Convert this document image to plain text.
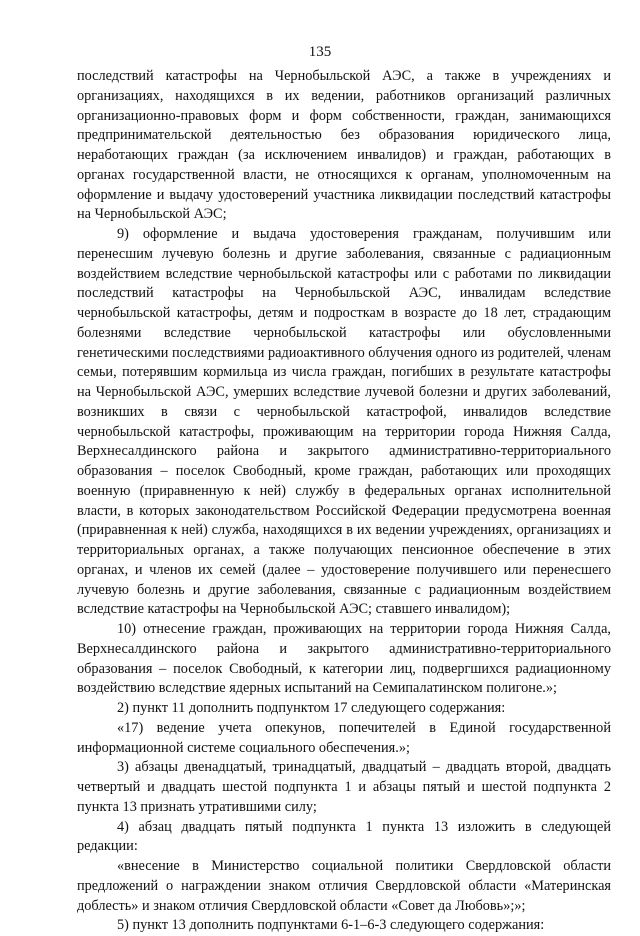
135

последствий катастрофы на Чернобыльской АЭС, а также в учреждениях и организациях, находящихся в их ведении, работников организаций различных организационно-правовых форм и форм собственности, граждан, занимающихся предпринимательской деятельностью без образования юридического лица, неработающих граждан (за исключением инвалидов) и граждан, работающих в органах государственной власти, не относящихся к органам, уполномоченным на оформление и выдачу удостоверений участника ликвидации последствий катастрофы на Чернобыльской АЭС;

9) оформление и выдача удостоверения гражданам, получившим или перенесшим лучевую болезнь и другие заболевания, связанные с радиационным воздействием вследствие чернобыльской катастрофы или с работами по ликвидации последствий катастрофы на Чернобыльской АЭС, инвалидам вследствие чернобыльской катастрофы, детям и подросткам в возрасте до 18 лет, страдающим болезнями вследствие чернобыльской катастрофы или обусловленными генетическими последствиями радиоактивного облучения одного из родителей, членам семьи, потерявшим кормильца из числа граждан, погибших в результате катастрофы на Чернобыльской АЭС, умерших вследствие лучевой болезни и других заболеваний, возникших в связи с чернобыльской катастрофой, инвалидов вследствие чернобыльской катастрофы, проживающим на территории города Нижняя Салда, Верхнесалдинского района и закрытого административно-территориального образования – поселок Свободный, кроме граждан, работающих или проходящих военную (приравненную к ней) службу в федеральных органах исполнительной власти, в которых законодательством Российской Федерации предусмотрена военная (приравненная к ней) служба, находящихся в их ведении учреждениях, организациях и территориальных органах, а также получающих пенсионное обеспечение в этих органах, и членов их семей (далее – удостоверение получившего или перенесшего лучевую болезнь и другие заболевания, связанные с радиационным воздействием вследствие катастрофы на Чернобыльской АЭС; ставшего инвалидом);

10) отнесение граждан, проживающих на территории города Нижняя Салда, Верхнесалдинского района и закрытого административно-территориального образования – поселок Свободный, к категории лиц, подвергшихся радиационному воздействию вследствие ядерных испытаний на Семипалатинском полигоне.»;

2) пункт 11 дополнить подпунктом 17 следующего содержания:

«17) ведение учета опекунов, попечителей в Единой государственной информационной системе социального обеспечения.»;

3) абзацы двенадцатый, тринадцатый, двадцатый – двадцать второй, двадцать четвертый и двадцать шестой подпункта 1 и абзацы пятый и шестой подпункта 2 пункта 13 признать утратившими силу;

4) абзац двадцать пятый подпункта 1 пункта 13 изложить в следующей редакции:

«внесение в Министерство социальной политики Свердловской области предложений о награждении знаком отличия Свердловской области «Материнская доблесть» и знаком отличия Свердловской области «Совет да Любовь»;»;

5) пункт 13 дополнить подпунктами 6-1–6-3 следующего содержания:
